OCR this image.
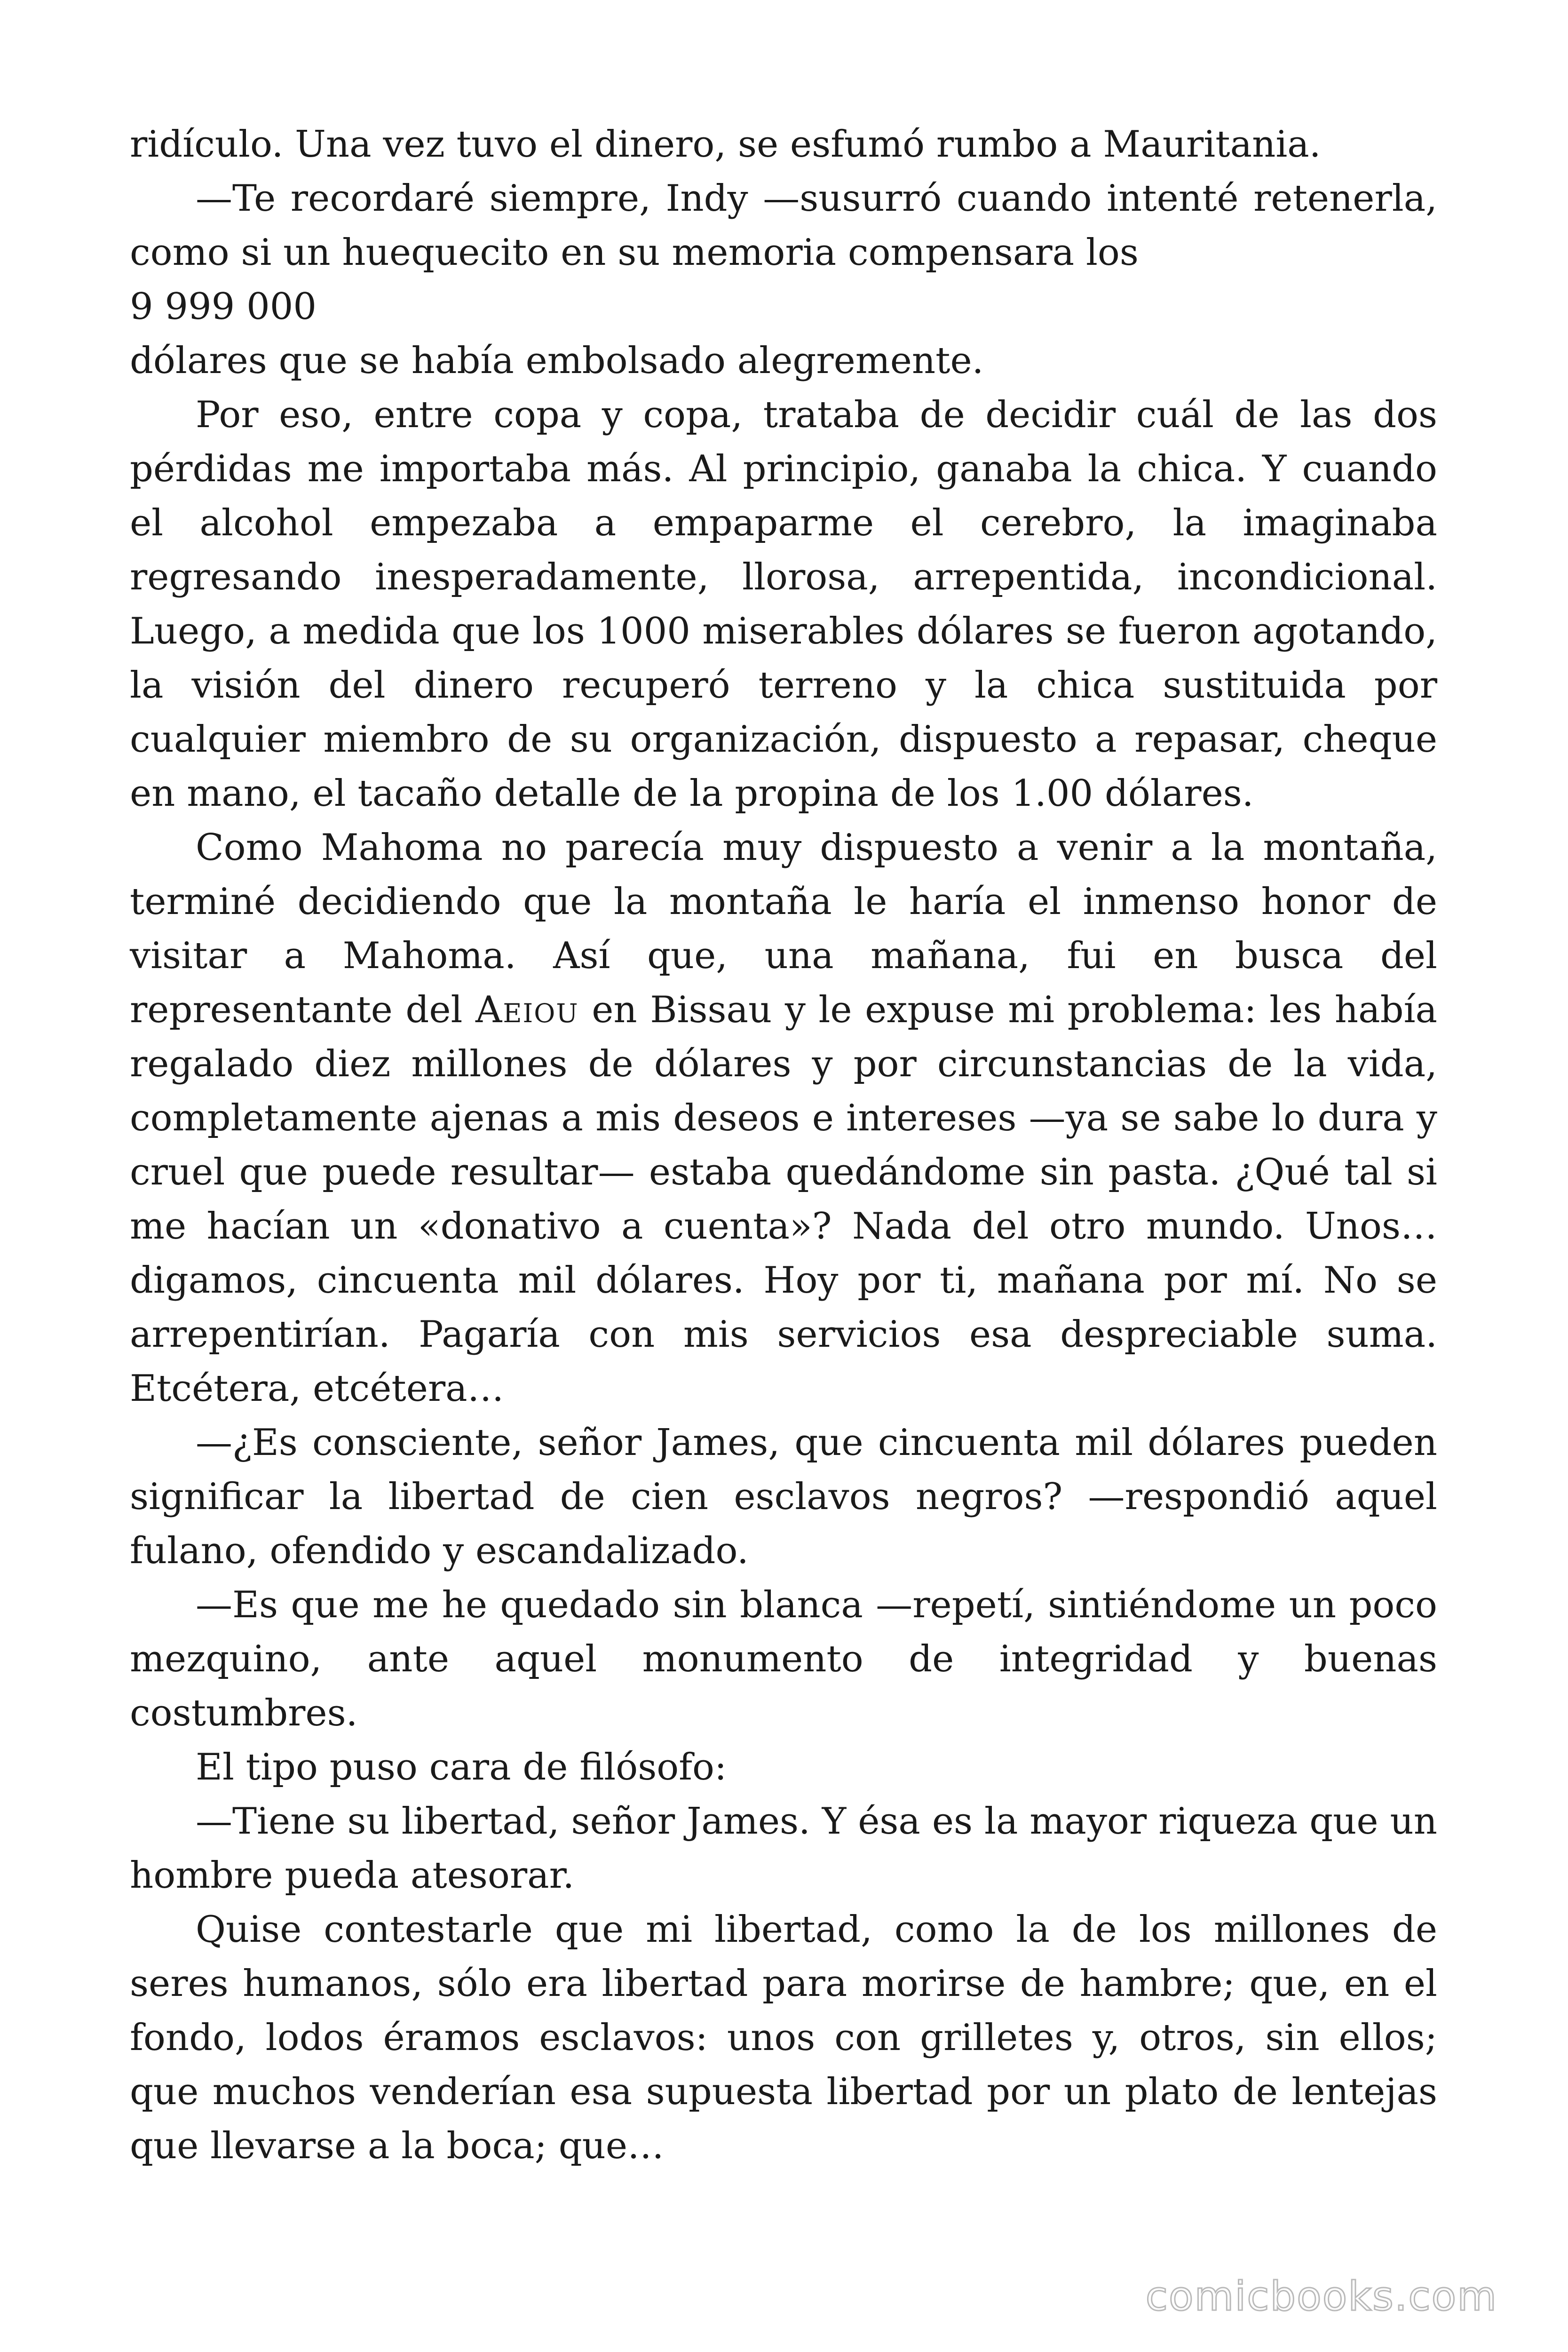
ridículo. Una vez tuvo el dinero, se esfumó rumbo a Mauritania.

—Te recordaré siempre, Indy —susurró cuando intenté retenerla, como si un huequecito en su memoria compensara los

9 999 000

dólares que se había embolsado alegremente.

Por eso, entre copa y copa, trataba de decidir cuál de las dos pérdidas me importaba más. Al principio, ganaba la chica. Y cuando el alcohol empezaba a empaparme el cerebro, la imaginaba regresando inesperadamente, llorosa, arrepentida, incondicional. Luego, a medida que los 1000 miserables dólares se fueron agotando, la visión del dinero recuperó terreno y la chica sustituida por cualquier miembro de su organización, dispuesto a repasar, cheque en mano, el tacaño detalle de la propina de los 1.00 dólares.

Como Mahoma no parecía muy dispuesto a venir a la montaña, terminé decidiendo que la montaña le haría el inmenso honor de visitar a Mahoma. Así que, una mañana, fui en busca del representante del Aeiou en Bissau y le expuse mi problema: les había regalado diez millones de dólares y por circunstancias de la vida, completamente ajenas a mis deseos e intereses —ya se sabe lo dura y cruel que puede resultar— estaba quedándome sin pasta. ¿Qué tal si me hacían un «donativo a cuenta»? Nada del otro mundo. Unos… digamos, cincuenta mil dólares. Hoy por ti, mañana por mí. No se arrepentirían. Pagaría con mis servicios esa despreciable suma. Etcétera, etcétera…

—¿Es consciente, señor James, que cincuenta mil dólares pueden significar la libertad de cien esclavos negros? —respondió aquel fulano, ofendido y escandalizado.

—Es que me he quedado sin blanca —repetí, sintiéndome un poco mezquino, ante aquel monumento de integridad y buenas costumbres.

El tipo puso cara de filósofo:

—Tiene su libertad, señor James. Y ésa es la mayor riqueza que un hombre pueda atesorar.

Quise contestarle que mi libertad, como la de los millones de seres humanos, sólo era libertad para morirse de hambre; que, en el fondo, lodos éramos esclavos: unos con grilletes y, otros, sin ellos; que muchos venderían esa supuesta libertad por un plato de lentejas que llevarse a la boca; que…

comicbooks.com
